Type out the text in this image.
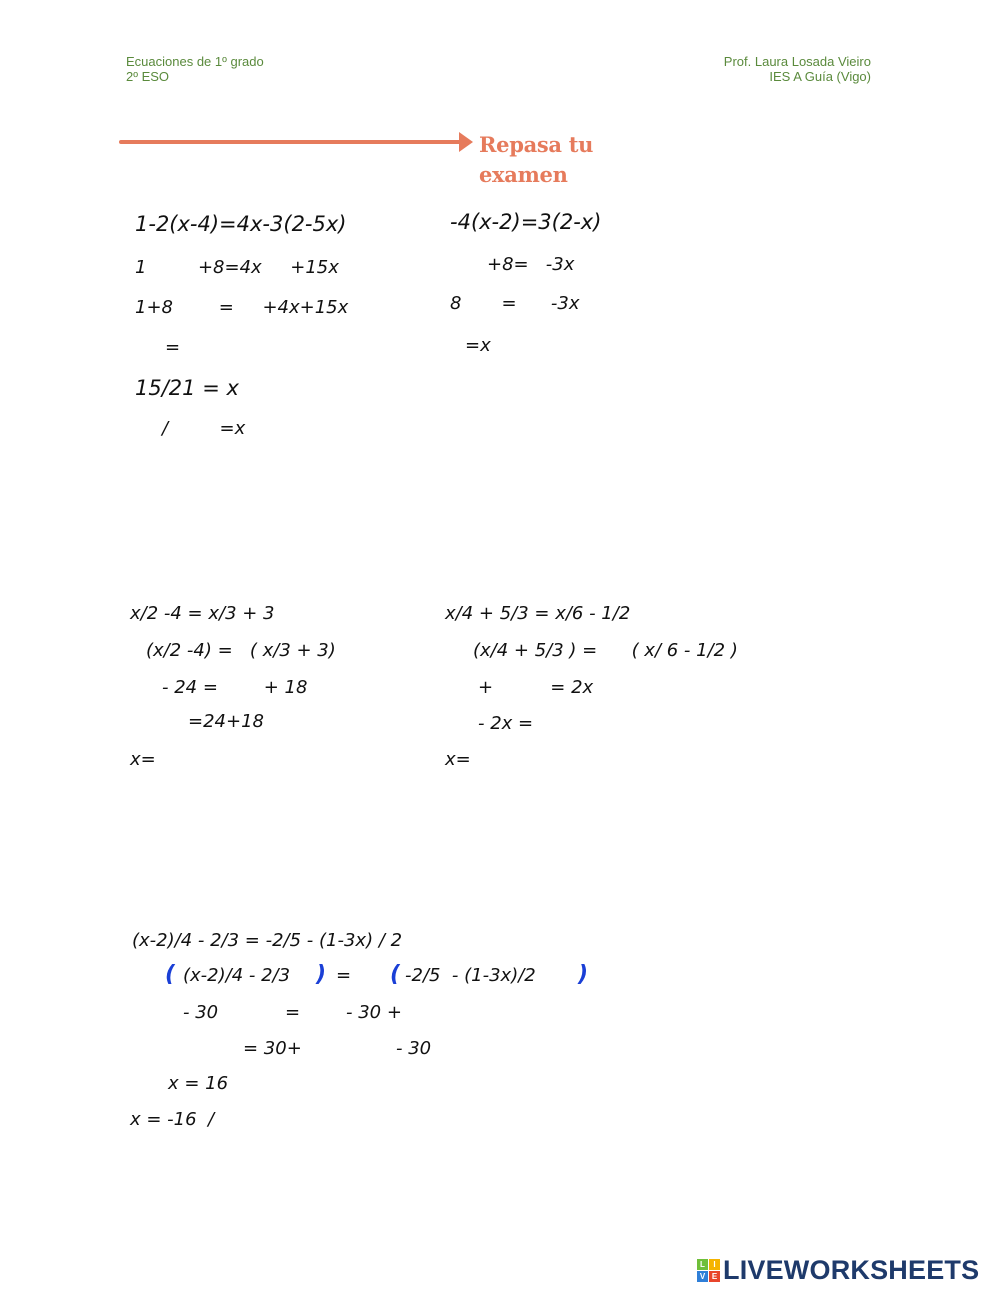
Ecuaciones de 1º grado
2º ESO
Prof. Laura Losada Vieiro
IES A Guía (Vigo)
Repasa tu examen
1-2(x-4)=4x-3(2-5x)
1         +8=4x     +15x
1+8        =     +4x+15x
=
15/21 = x
/         =x
-4(x-2)=3(2-x)
+8=   -3x
8       =      -3x
=x
x/2 -4 = x/3 + 3
(x/2 -4) =   ( x/3 + 3)
- 24 =        + 18
=24+18
x=
x/4 + 5/3 = x/6 - 1/2
(x/4 + 5/3 ) =      ( x/ 6 - 1/2 )
+          = 2x
- 2x =
x=
(x-2)/4 - 2/3 = -2/5 - (1-3x) / 2
( (x-2)/4 - 2/3 ) = ( -2/5  - (1-3x)/2 )
- 30	=	- 30 +
= 30+	- 30
x = 16
x = -16  /
L	I
V E LIVEWORKSHEETS
